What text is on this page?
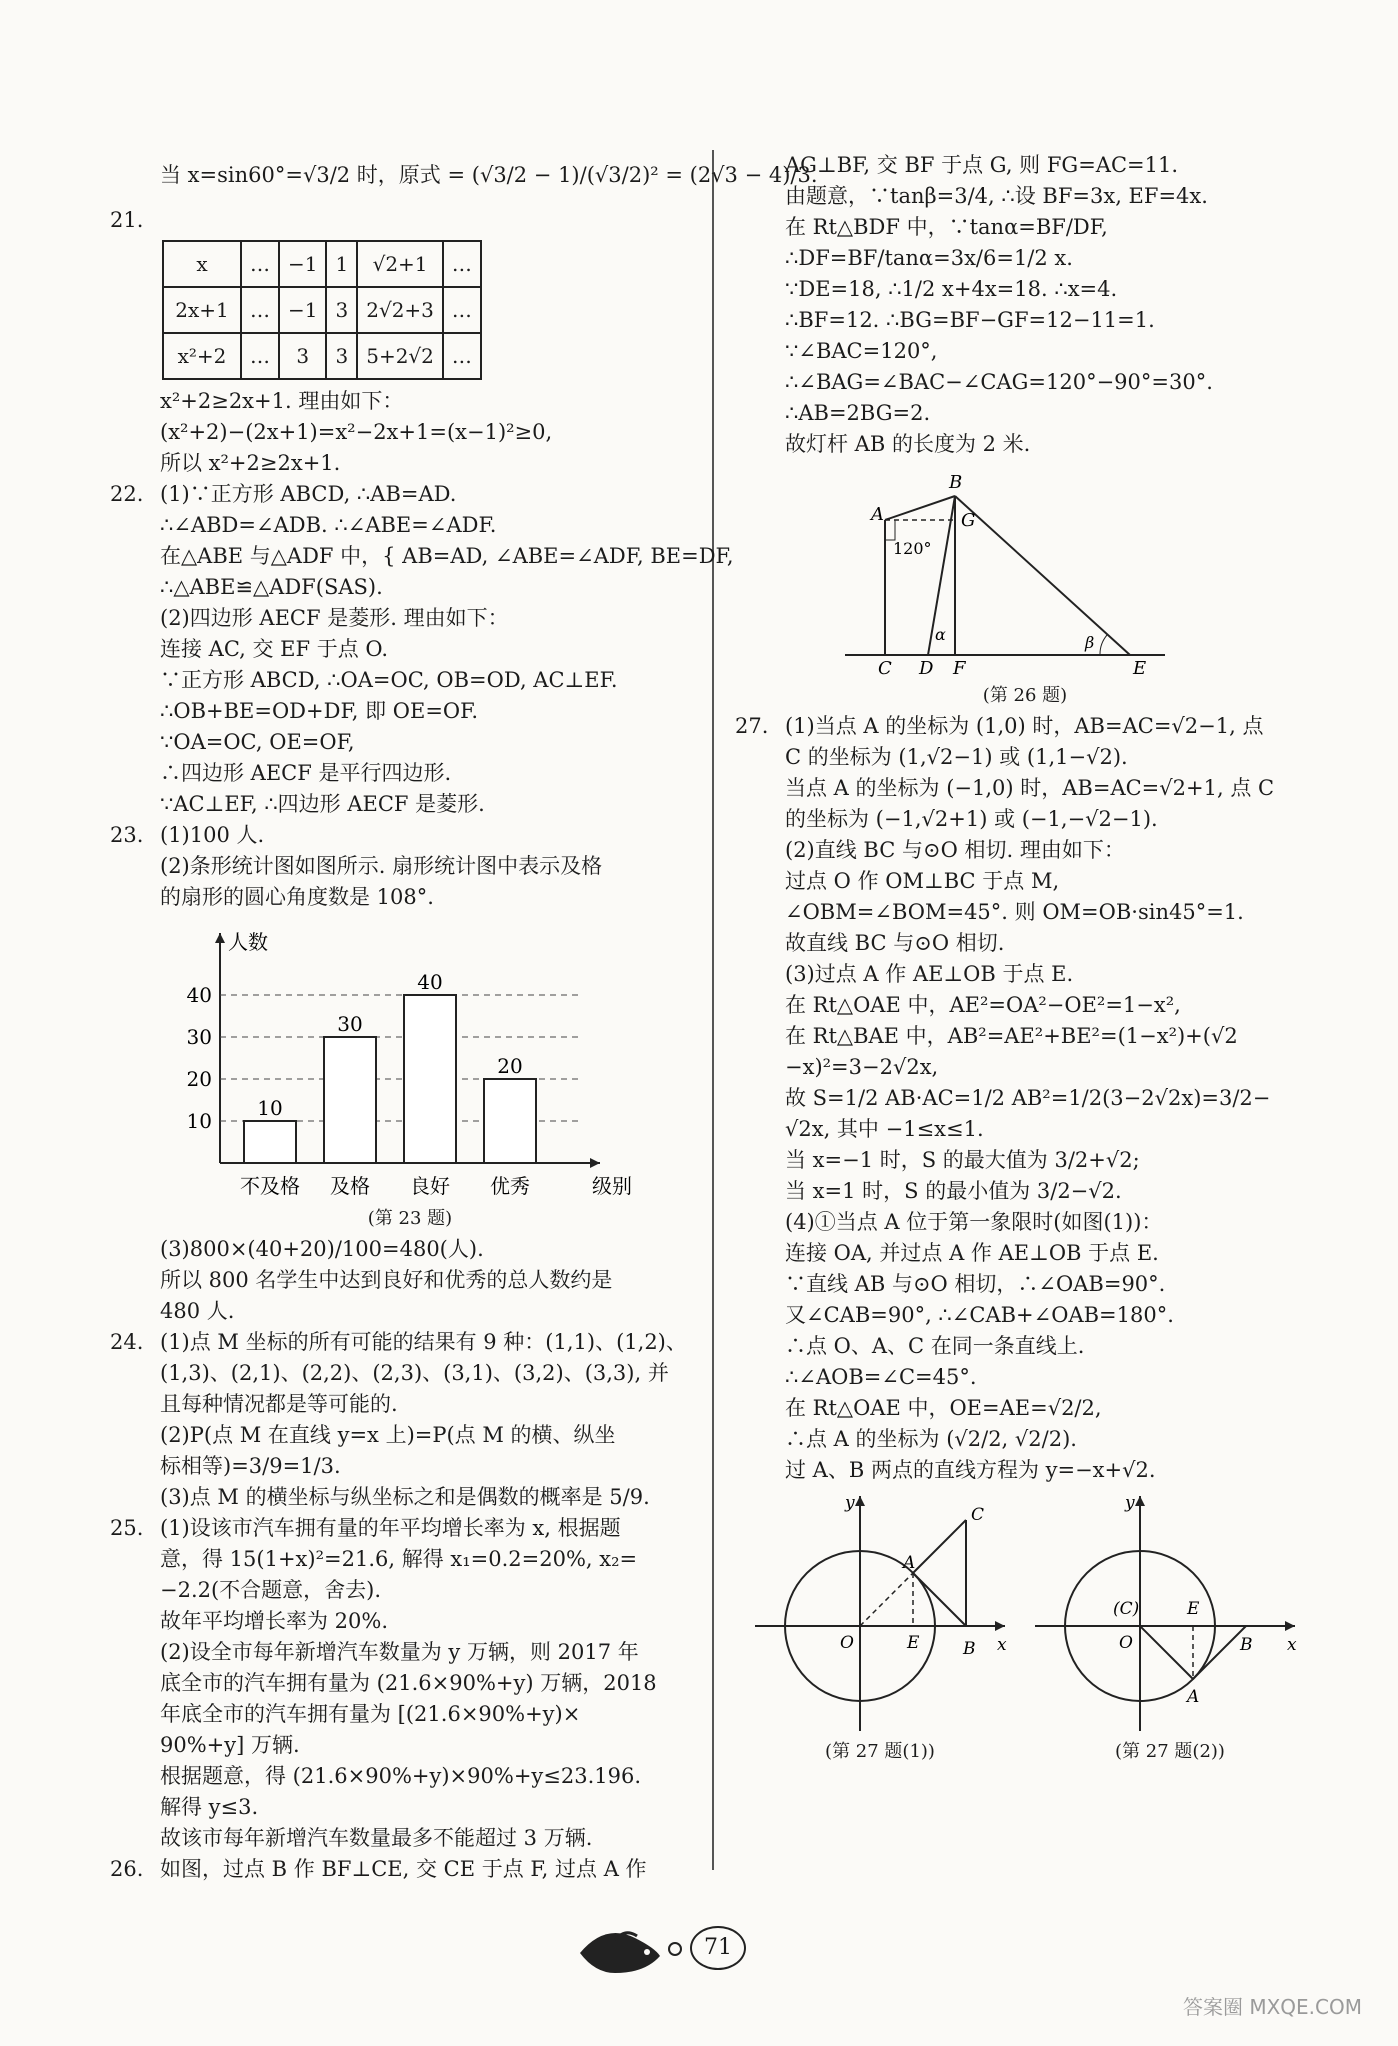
当 x=sin60°=√3/2 时，原式 = (√3/2 − 1)/(√3/2)² = (2√3 − 4)/3.
21.
x	…	−1	1	√2+1	…
2x+1	…	−1	3	2√2+3	…
x²+2	…	3	3	5+2√2	…
x²+2≥2x+1. 理由如下：
(x²+2)−(2x+1)=x²−2x+1=(x−1)²≥0,
所以 x²+2≥2x+1.
22. (1)∵正方形 ABCD, ∴AB=AD.
∴∠ABD=∠ADB. ∴∠ABE=∠ADF.
在△ABE 与△ADF 中，{ AB=AD, ∠ABE=∠ADF, BE=DF,
∴△ABE≌△ADF(SAS).
(2)四边形 AECF 是菱形. 理由如下：
连接 AC, 交 EF 于点 O.
∵正方形 ABCD, ∴OA=OC, OB=OD, AC⊥EF.
∴OB+BE=OD+DF, 即 OE=OF.
∵OA=OC, OE=OF,
∴四边形 AECF 是平行四边形.
∵AC⊥EF, ∴四边形 AECF 是菱形.
23. (1)100 人.
(2)条形统计图如图所示. 扇形统计图中表示及格
的扇形的圆心角度数是 108°.
10
20
30
40
人数
级别
10
不及格
30
及格
40
良好
20
优秀
(第 23 题)
(3)800×(40+20)/100=480(人).
所以 800 名学生中达到良好和优秀的总人数约是
480 人.
24. (1)点 M 坐标的所有可能的结果有 9 种：(1,1)、(1,2)、
(1,3)、(2,1)、(2,2)、(2,3)、(3,1)、(3,2)、(3,3), 并
且每种情况都是等可能的.
(2)P(点 M 在直线 y=x 上)=P(点 M 的横、纵坐
标相等)=3/9=1/3.
(3)点 M 的横坐标与纵坐标之和是偶数的概率是 5/9.
25. (1)设该市汽车拥有量的年平均增长率为 x, 根据题
意，得 15(1+x)²=21.6, 解得 x₁=0.2=20%, x₂=
−2.2(不合题意，舍去).
故年平均增长率为 20%.
(2)设全市每年新增汽车数量为 y 万辆，则 2017 年
底全市的汽车拥有量为 (21.6×90%+y) 万辆，2018
年底全市的汽车拥有量为 [(21.6×90%+y)×
90%+y] 万辆.
根据题意，得 (21.6×90%+y)×90%+y≤23.196.
解得 y≤3.
故该市每年新增汽车数量最多不能超过 3 万辆.
26. 如图，过点 B 作 BF⊥CE, 交 CE 于点 F, 过点 A 作
AG⊥BF, 交 BF 于点 G, 则 FG=AC=11.
由题意，∵tanβ=3/4, ∴设 BF=3x, EF=4x.
在 Rt△BDF 中，∵tanα=BF/DF,
∴DF=BF/tanα=3x/6=1/2 x.
∵DE=18, ∴1/2 x+4x=18. ∴x=4.
∴BF=12. ∴BG=BF−GF=12−11=1.
∵∠BAC=120°,
∴∠BAG=∠BAC−∠CAG=120°−90°=30°.
∴AB=2BG=2.
故灯杆 AB 的长度为 2 米.
A
B
C D	E
F
G
120°
α	β
(第 26 题)
27. (1)当点 A 的坐标为 (1,0) 时，AB=AC=√2−1, 点
C 的坐标为 (1,√2−1) 或 (1,1−√2).
当点 A 的坐标为 (−1,0) 时，AB=AC=√2+1, 点 C
的坐标为 (−1,√2+1) 或 (−1,−√2−1).
(2)直线 BC 与⊙O 相切. 理由如下：
过点 O 作 OM⊥BC 于点 M,
∠OBM=∠BOM=45°. 则 OM=OB·sin45°=1.
故直线 BC 与⊙O 相切.
(3)过点 A 作 AE⊥OB 于点 E.
在 Rt△OAE 中，AE²=OA²−OE²=1−x²,
在 Rt△BAE 中，AB²=AE²+BE²=(1−x²)+(√2
−x)²=3−2√2x,
故 S=1/2 AB·AC=1/2 AB²=1/2(3−2√2x)=3/2−
√2x, 其中 −1≤x≤1.
当 x=−1 时，S 的最大值为 3/2+√2;
当 x=1 时，S 的最小值为 3/2−√2.
(4)①当点 A 位于第一象限时(如图(1))：
连接 OA, 并过点 A 作 AE⊥OB 于点 E.
∵直线 AB 与⊙O 相切，∴∠OAB=90°.
又∠CAB=90°, ∴∠CAB+∠OAB=180°.
∴点 O、A、C 在同一条直线上.
∴∠AOB=∠C=45°.
在 Rt△OAE 中，OE=AE=√2/2,
∴点 A 的坐标为 (√2/2, √2/2).
过 A、B 两点的直线方程为 y=−x+√2.
y
x
O
A
B
C
E
y
x
O
A
B
(C)	E
(第 27 题(1))	(第 27 题(2))
71
答案圈 MXQE.COM
